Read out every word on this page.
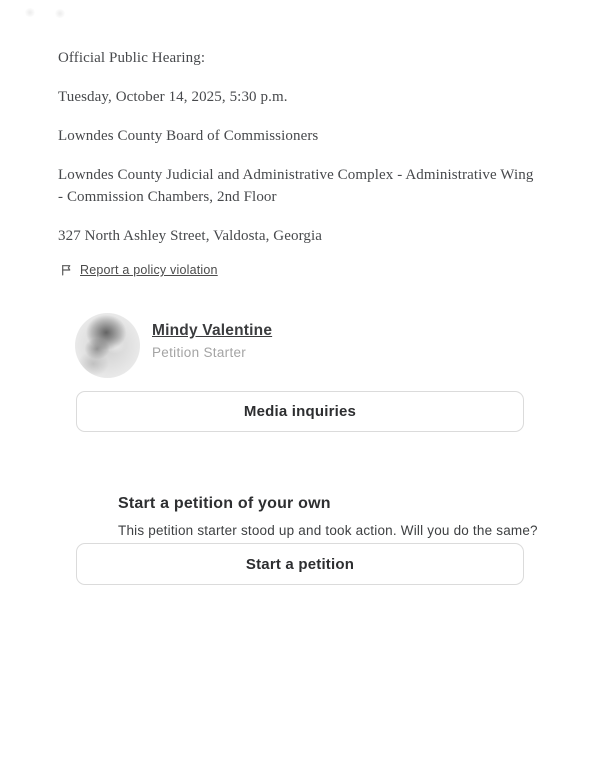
Official Public Hearing:

Tuesday, October 14, 2025, 5:30 p.m.

Lowndes County Board of Commissioners

Lowndes County Judicial and Administrative Complex - Administrative Wing - Commission Chambers, 2nd Floor

327 North Ashley Street, Valdosta, Georgia

Report a policy violation
Mindy Valentine
Petition Starter
Media inquiries
Start a petition of your own

This petition starter stood up and took action. Will you do the same?

Start a petition
